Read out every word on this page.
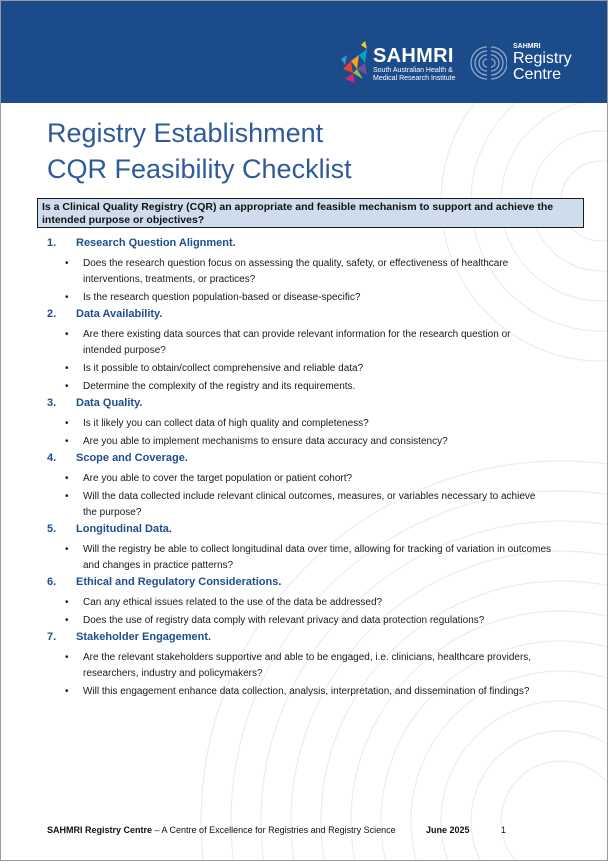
SAHMRI
South Australian Health &
Medical Research Institute
SAHMRI
Registry
Centre
Registry Establishment
CQR Feasibility Checklist
Is a Clinical Quality Registry (CQR) an appropriate and feasible mechanism to support and achieve the intended purpose or objectives?
1. Research Question Alignment.
• Does the research question focus on assessing the quality, safety, or effectiveness of healthcare interventions, treatments, or practices?
• Is the research question population-based or disease-specific?
2. Data Availability.
• Are there existing data sources that can provide relevant information for the research question or intended purpose?
• Is it possible to obtain/collect comprehensive and reliable data?
• Determine the complexity of the registry and its requirements.
3. Data Quality.
• Is it likely you can collect data of high quality and completeness?
• Are you able to implement mechanisms to ensure data accuracy and consistency?
4. Scope and Coverage.
• Are you able to cover the target population or patient cohort?
• Will the data collected include relevant clinical outcomes, measures, or variables necessary to achieve the purpose?
5. Longitudinal Data.
• Will the registry be able to collect longitudinal data over time, allowing for tracking of variation in outcomes and changes in practice patterns?
6. Ethical and Regulatory Considerations.
• Can any ethical issues related to the use of the data be addressed?
• Does the use of registry data comply with relevant privacy and data protection regulations?
7. Stakeholder Engagement.
• Are the relevant stakeholders supportive and able to be engaged, i.e. clinicians, healthcare providers, researchers, industry and policymakers?
• Will this engagement enhance data collection, analysis, interpretation, and dissemination of findings?
SAHMRI Registry Centre – A Centre of Excellence for Registries and Registry Science	June 2025	1
